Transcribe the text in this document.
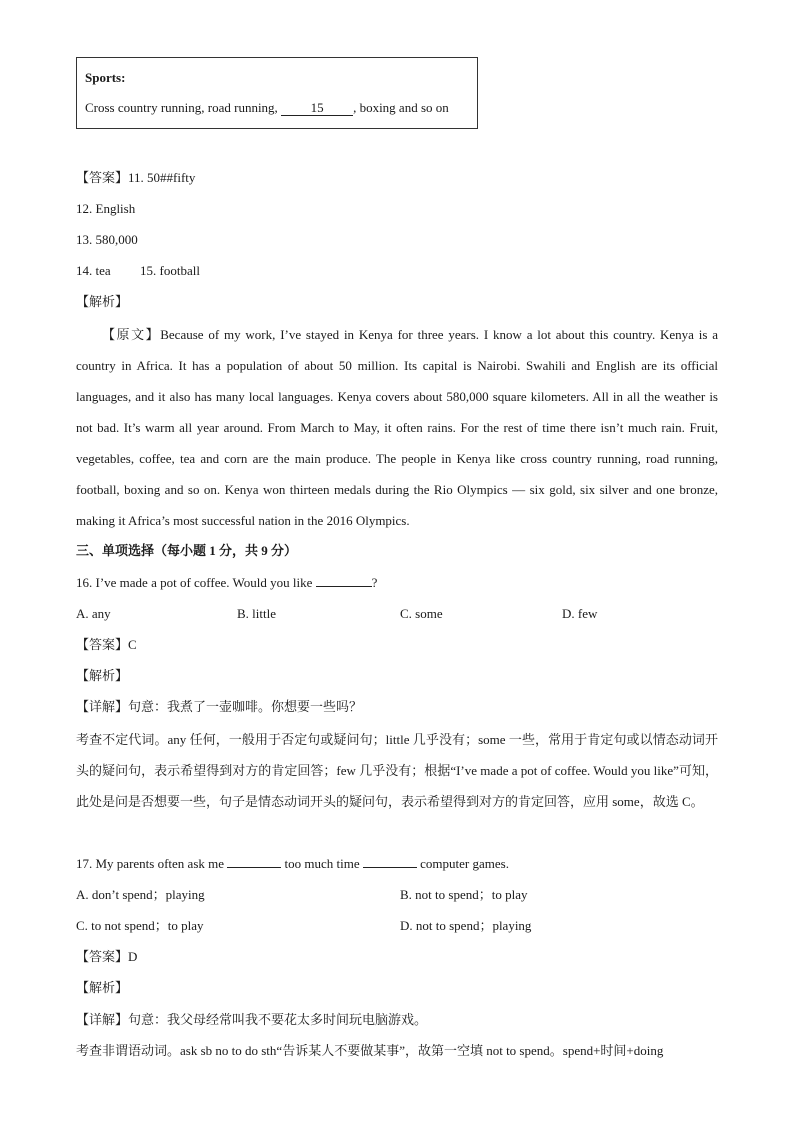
Sports:
Cross country running, road running, 15 , boxing and so on
【答案】11. 50##fifty
12. English
13. 580,000
14. tea 15. football
【解析】
【原文】Because of my work, I’ve stayed in Kenya for three years. I know a lot about this country. Kenya is a country in Africa. It has a population of about 50 million. Its capital is Nairobi. Swahili and English are its official languages, and it also has many local languages. Kenya covers about 580,000 square kilometers. All in all the weather is not bad. It’s warm all year around. From March to May, it often rains. For the rest of time there isn’t much rain. Fruit, vegetables, coffee, tea and corn are the main produce. The people in Kenya like cross country running, road running, football, boxing and so on. Kenya won thirteen medals during the Rio Olympics — six gold, six silver and one bronze, making it Africa’s most successful nation in the 2016 Olympics.
三、单项选择（每小题 1 分，共 9 分）
16. I’ve made a pot of coffee. Would you like	?
A. any	B. little	C. some	D. few
【答案】C
【解析】
【详解】句意：我煮了一壶咖啡。你想要一些吗？
考查不定代词。any 任何，一般用于否定句或疑问句；little 几乎没有；some 一些，常用于肯定句或以情态动词开头的疑问句，表示希望得到对方的肯定回答；few 几乎没有；根据“I’ve made a pot of coffee. Would you like”可知，此处是问是否想要一些，句子是情态动词开头的疑问句，表示希望得到对方的肯定回答，应用 some，故选 C。
17. My parents often ask me	too much time	computer games.
A. don’t spend；playing	B. not to spend；to play
C. to not spend；to play	D. not to spend；playing
【答案】D
【解析】
【详解】句意：我父母经常叫我不要花太多时间玩电脑游戏。
考查非谓语动词。ask sb no to do sth“告诉某人不要做某事”，故第一空填 not to spend。spend+时间+doing
